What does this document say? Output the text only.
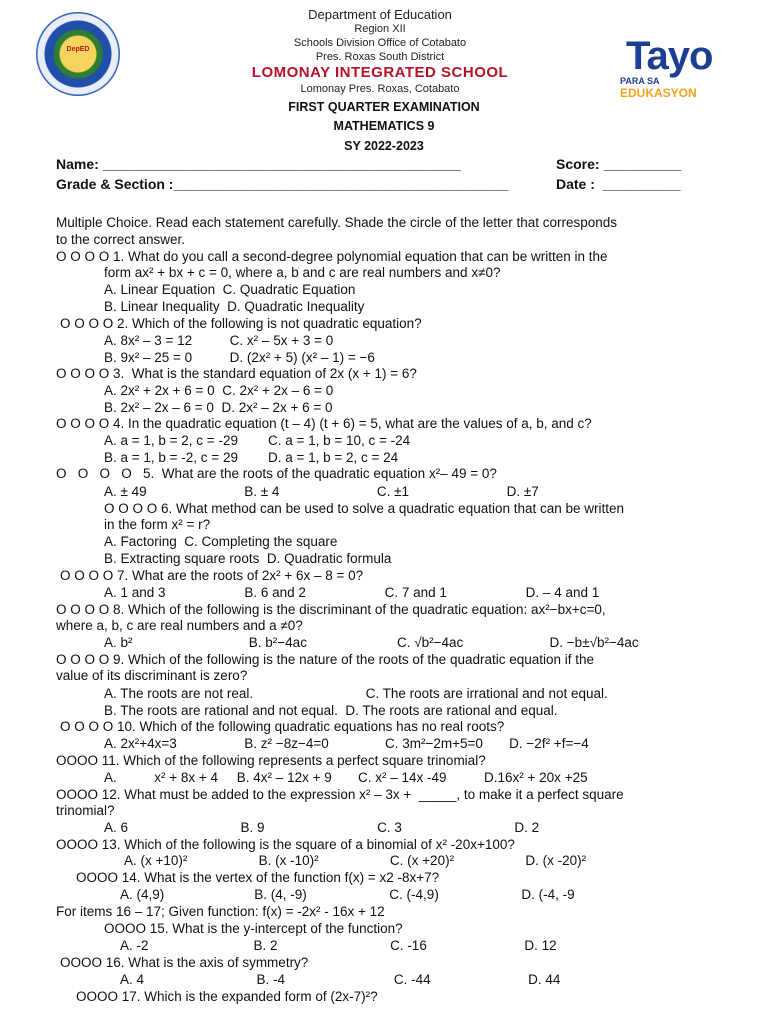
DepED
Department of Education
Region XII
Schools Division Office of Cotabato
Pres. Roxas South District
LOMONAY INTEGRATED SCHOOL
Lomonay Pres. Roxas, Cotabato
Tayo
PARA SA
EDUKASYON
FIRST QUARTER EXAMINATION
MATHEMATICS 9
SY 2022-2023
Name: ______________________________________________	Score: __________
Grade & Section :___________________________________________	Date :  __________
Multiple Choice. Read each statement carefully. Shade the circle of the letter that corresponds
to the correct answer.
O O O O 1. What do you call a second-degree polynomial equation that can be written in the
form ax² + bx + c = 0, where a, b and c are real numbers and x≠0?
A. Linear Equation  C. Quadratic Equation
B. Linear Inequality  D. Quadratic Inequality
O O O O 2. Which of the following is not quadratic equation?
A. 8x² – 3 = 12          C. x² – 5x + 3 = 0
B. 9x² – 25 = 0          D. (2x² + 5) (x² – 1) = −6
O O O O 3.  What is the standard equation of 2x (x + 1) = 6?
A. 2x² + 2x + 6 = 0  C. 2x² + 2x – 6 = 0
B. 2x² – 2x – 6 = 0  D. 2x² – 2x + 6 = 0
O O O O 4. In the quadratic equation (t – 4) (t + 6) = 5, what are the values of a, b, and c?
A. a = 1, b = 2, c = -29        C. a = 1, b = 10, c = -24
B. a = 1, b = -2, c = 29        D. a = 1, b = 2, c = 24
O   O   O   O   5.  What are the roots of the quadratic equation x²– 49 = 0?
A. ± 49                          B. ± 4                          C. ±1                          D. ±7
O O O O 6. What method can be used to solve a quadratic equation that can be written
in the form x² = r?
A. Factoring  C. Completing the square
B. Extracting square roots  D. Quadratic formula
O O O O 7. What are the roots of 2x² + 6x – 8 = 0?
A. 1 and 3                     B. 6 and 2                     C. 7 and 1                     D. – 4 and 1
O O O O 8. Which of the following is the discriminant of the quadratic equation: ax²−bx+c=0,
where a, b, c are real numbers and a ≠0?
A. b²                               B. b²−4ac                        C. √b²−4ac                       D. −b±√b²−4ac
O O O O 9. Which of the following is the nature of the roots of the quadratic equation if the
value of its discriminant is zero?
A. The roots are not real.                              C. The roots are irrational and not equal.
B. The roots are rational and not equal.  D. The roots are rational and equal.
O O O O 10. Which of the following quadratic equations has no real roots?
A. 2x²+4x=3                  B. z² −8z−4=0               C. 3m²−2m+5=0       D. −2f² +f=−4
OOOO 11. Which of the following represents a perfect square trinomial?
A.          x² + 8x + 4     B. 4x² – 12x + 9       C. x² – 14x -49          D.16x² + 20x +25
OOOO 12. What must be added to the expression x² – 3x +  _____, to make it a perfect square
trinomial?
A. 6                              B. 9                              C. 3                              D. 2
OOOO 13. Which of the following is the square of a binomial of x² -20x+100?
A. (x +10)²                   B. (x -10)²                   C. (x +20)²                   D. (x -20)²
OOOO 14. What is the vertex of the function f(x) = x2 -8x+7?
A. (4,9)                        B. (4, -9)                      C. (-4,9)                      D. (-4, -9
For items 16 – 17; Given function: f(x) = -2x² - 16x + 12
OOOO 15. What is the y-intercept of the function?
A. -2                            B. 2                              C. -16                          D. 12
OOOO 16. What is the axis of symmetry?
A. 4                              B. -4                             C. -44                          D. 44
OOOO 17. Which is the expanded form of (2x-7)²?
